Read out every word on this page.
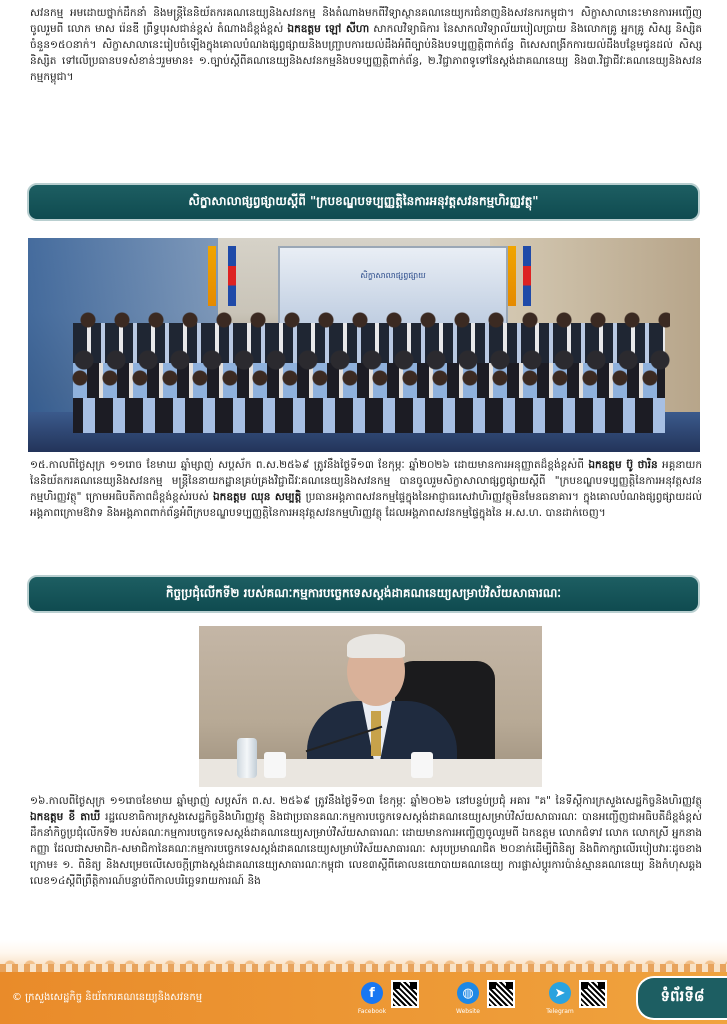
សវនកម្ម អមដោយថ្នាក់ដឹកនាំ និងមន្ត្រីនៃនិយ័តករគណនេយ្យនិងសវនកម្ម និងតំណាងមកពីវិទ្យាស្ថានគណនេយ្យករជំនាញនិងសវនករកម្ពុជា។ សិក្ខាសាលានេះមានការអញ្ជើញចូលរួមពី លោក មាស រ៉េនឌី ព្រឹទ្ធបុរសជាន់ខ្ពស់ តំណាងដ៏ខ្ពង់ខ្ពស់ ឯកឧត្តម ឡៅ សីហា សាកលវិទ្យាធិការ នៃសាកលវិទ្យាល័យបៀលប្រាយ និងលោកគ្រូ អ្នកគ្រូ សិស្ស និស្សិត ចំនួន១៥០នាក់។ សិក្ខាសាលានេះរៀបចំឡើងក្នុងគោលបំណងផ្សព្វផ្សាយនិងបញ្ជ្រាបការយល់ដឹងអំពីច្បាប់និងបទប្បញ្ញត្តិពាក់ព័ន្ធ ពិសេសពង្រីកការយល់ដឹងបន្ថែមជូនដល់ សិស្ស និស្សិត ទៅលើប្រធានបទសំខាន់ៗរួមមាន៖ ១.ច្បាប់ស្តីពីគណនេយ្យនិងសវនកម្មនិងបទប្បញ្ញត្តិពាក់ព័ន្ធ, ២.វិជ្ជាភាពទូទៅនៃស្តង់ដាគណនេយ្យ និង៣.វិជ្ជាជីវៈគណនេយ្យនិងសវនកម្មកម្ពុជា។
សិក្ខាសាលាផ្សព្វផ្សាយស្តីពី "ក្របខណ្ឌបទប្បញ្ញត្តិនៃការអនុវត្តសវនកម្មហិរញ្ញវត្ថុ"
សិក្ខាសាលាផ្សព្វផ្សាយ
១៥.កាលពីថ្ងៃសុក្រ ១១រោច ខែមាឃ ឆ្នាំម្សាញ់ សប្តស័ក ព.ស.២៥៦៩ ត្រូវនឹងថ្ងៃទី១៣ ខែកុម្ភៈ ឆ្នាំ២០២៦ ដោយមានការអនុញ្ញាតដ៏ខ្ពង់ខ្ពស់ពី ឯកឧត្តម ប៊ូ ថារិន អគ្គនាយក នៃនិយ័តករគណនេយ្យនិងសវនកម្ម មន្ត្រីនៃនាយកដ្ឋានគ្រប់គ្រងវិជ្ជាជីវៈគណនេយ្យនិងសវនកម្ម បានចូលរួមសិក្ខាសាលាផ្សព្វផ្សាយស្តីពី "ក្របខណ្ឌបទប្បញ្ញត្តិនៃការអនុវត្តសវនកម្មហិរញ្ញវត្ថុ" ក្រោមអធិបតីភាពដ៏ខ្ពង់ខ្ពស់របស់ ឯកឧត្តម ឈុន សម្បត្តិ ប្រធានអង្គភាពសវនកម្មផ្ទៃក្នុងនៃអាជ្ញាធរសេវាហិរញ្ញវត្ថុមិនមែនធនាគារ។ ក្នុងគោលបំណងផ្សព្វផ្សាយដល់អង្គភាពក្រោមឱវាទ និងអង្គភាពពាក់ព័ន្ធអំពីក្របខណ្ឌបទប្បញ្ញត្តិនៃការអនុវត្តសវនកម្មហិរញ្ញវត្ថុ ដែលអង្គភាពសវនកម្មផ្ទៃក្នុងនៃ អ.ស.ហ. បានដាក់ចេញ។
កិច្ចប្រជុំលើកទី២ របស់គណៈកម្មការបច្ចេកទេសស្តង់ដាគណនេយ្យសម្រាប់វិស័យសាធារណៈ
១៦.កាលពីថ្ងៃសុក្រ ១១រោចខែមាឃ ឆ្នាំម្សាញ់ សប្តស័ក ព.ស. ២៥៦៩ ត្រូវនឹងថ្ងៃទី១៣ ខែកុម្ភៈ ឆ្នាំ២០២៦ នៅបន្ទប់ប្រជុំ អគារ "គ" នៃទីស្តីការក្រសួងសេដ្ឋកិច្ចនិងហិរញ្ញវត្ថុ ឯកឧត្តម ខី តាឃី រដ្ឋលេខាធិការក្រសួងសេដ្ឋកិច្ចនិងហិរញ្ញវត្ថុ និងជាប្រធានគណៈកម្មការបច្ចេកទេសស្តង់ដាគណនេយ្យសម្រាប់វិស័យសាធារណៈ បានអញ្ជើញជាអធិបតីដ៏ខ្ពង់ខ្ពស់ ដឹកនាំកិច្ចប្រជុំលើកទី២ របស់គណៈកម្មការបច្ចេកទេសស្តង់ដាគណនេយ្យសម្រាប់វិស័យសាធារណៈ ដោយមានការអញ្ជើញចូលរួមពី ឯកឧត្តម លោកជំទាវ លោក លោកស្រី អ្នកនាង កញ្ញា ដែលជាសមាជិក-សមាជិកានៃគណៈកម្មការបច្ចេកទេសស្តង់ដាគណនេយ្យសម្រាប់វិស័យសាធារណៈ សរុបប្រមាណជិត ២០នាក់ដើម្បីពិនិត្យ និងពិភាក្សាលើរបៀបវារៈដូចខាងក្រោម៖ ១. ពិនិត្យ និងសម្រេចលើសេចក្តីព្រាងស្តង់ដាគណនេយ្យសាធារណៈកម្ពុជា លេខ៣ស្តីពីគោលនយោបាយគណនេយ្យ ការផ្លាស់ប្តូរការប៉ាន់ស្មានគណនេយ្យ និងកំហុសឆ្គង លេខ១៤ស្តីពីព្រឹត្តិការណ៍បន្ទាប់ពីកាលបរិច្ឆេទរាយការណ៍ និង
© ក្រសួងសេដ្ឋកិច្ច និយ័តករគណនេយ្យនិងសវនកម្ម	f
Facebook
◍
Website
➤
Telegram
ទំព័រទី៨
